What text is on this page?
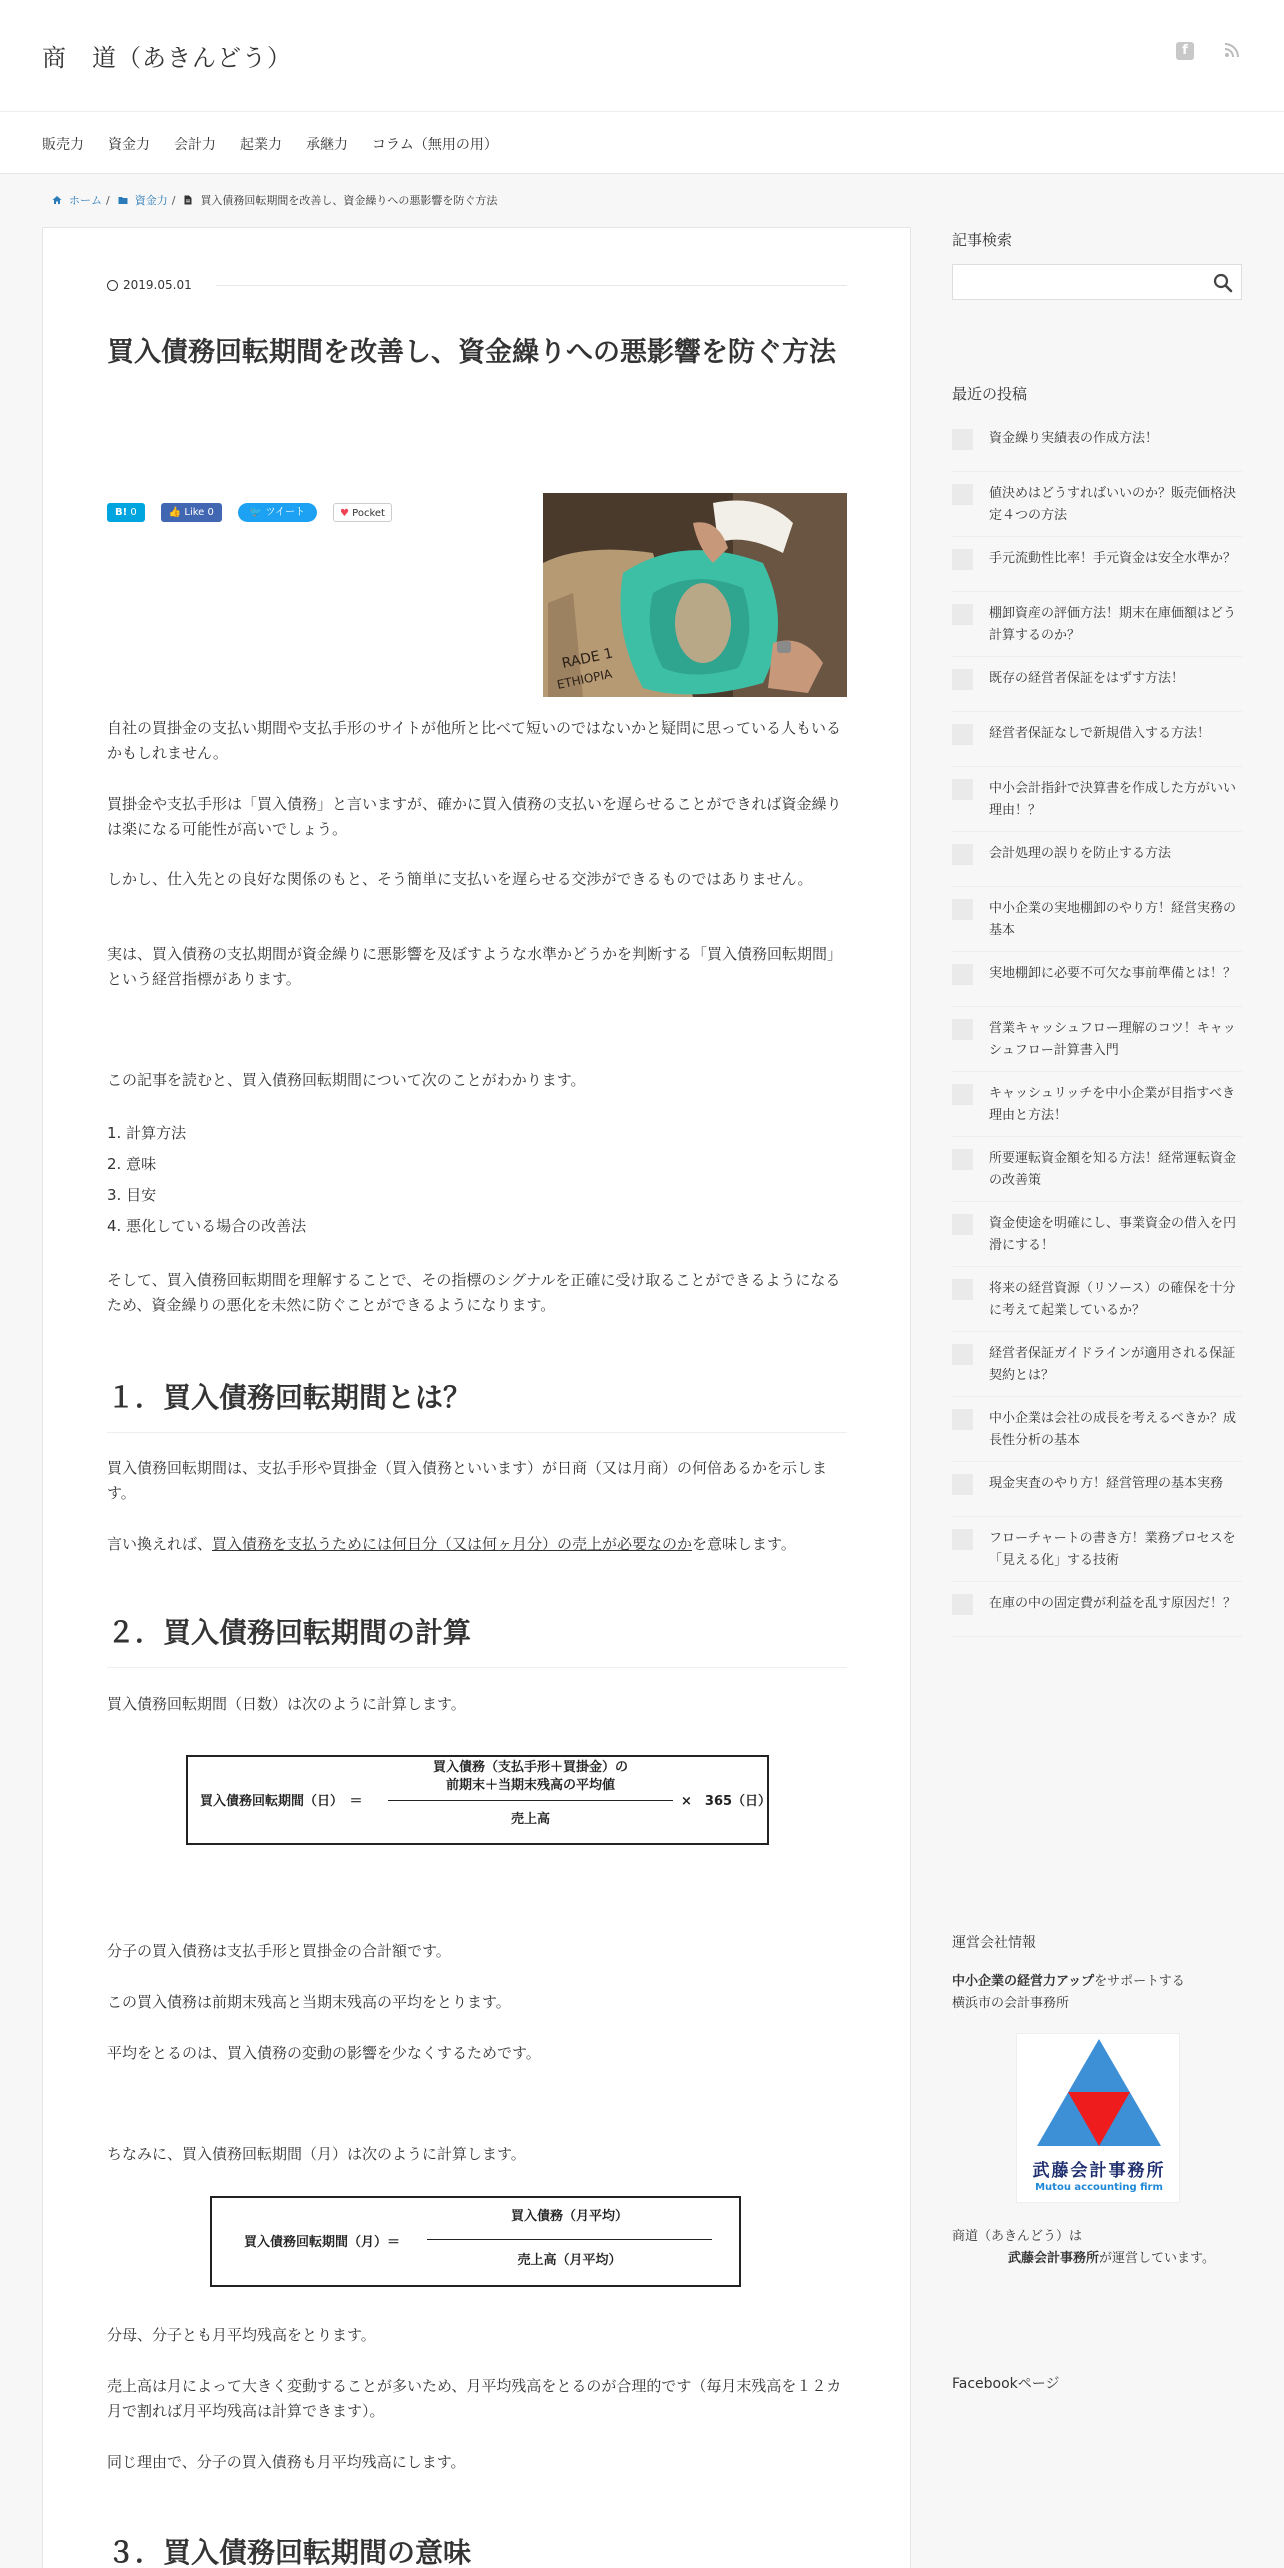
商　道（あきんどう）	f
販売力 資金力 会計力 起業力 承継力 コラム（無用の用）
ホーム / 資金力 / 買入債務回転期間を改善し、資金繰りへの悪影響を防ぐ方法
2019.05.01
買入債務回転期間を改善し、資金繰りへの悪影響を防ぐ方法
B! 0	👍 Like 0	🐦 ツイート	♥ Pocket
RADE 1
ETHIOPIA

自社の買掛金の支払い期間や支払手形のサイトが他所と比べて短いのではないかと疑問に思っている人もいるかもしれません。

買掛金や支払手形は「買入債務」と言いますが、確かに買入債務の支払いを遅らせることができれば資金繰りは楽になる可能性が高いでしょう。

しかし、仕入先との良好な関係のもと、そう簡単に支払いを遅らせる交渉ができるものではありません。

実は、買入債務の支払期間が資金繰りに悪影響を及ぼすような水準かどうかを判断する「買入債務回転期間」という経営指標があります。

この記事を読むと、買入債務回転期間について次のことがわかります。

1. 計算方法
2. 意味
3. 目安
4. 悪化している場合の改善法

そして、買入債務回転期間を理解することで、その指標のシグナルを正確に受け取ることができるようになるため、資金繰りの悪化を未然に防ぐことができるようになります。

１．買入債務回転期間とは？

買入債務回転期間は、支払手形や買掛金（買入債務といいます）が日商（又は月商）の何倍あるかを示します。

言い換えれば、買入債務を支払うためには何日分（又は何ヶ月分）の売上が必要なのかを意味します。

２．買入債務回転期間の計算

買入債務回転期間（日数）は次のように計算します。

買入債務回転期間（日）　＝
買入債務（支払手形＋買掛金）の
前期末＋当期末残高の平均値
売上高
×　365（日）

分子の買入債務は支払手形と買掛金の合計額です。

この買入債務は前期末残高と当期末残高の平均をとります。

平均をとるのは、買入債務の変動の影響を少なくするためです。

ちなみに、買入債務回転期間（月）は次のように計算します。

買入債務回転期間（月）＝
買入債務（月平均）
売上高（月平均）

分母、分子とも月平均残高をとります。

売上高は月によって大きく変動することが多いため、月平均残高をとるのが合理的です（毎月末残高を１２カ月で割れば月平均残高は計算できます）。

同じ理由で、分子の買入債務も月平均残高にします。

３．買入債務回転期間の意味
記事検索
最近の投稿
資金繰り実績表の作成方法！
値決めはどうすればいいのか？販売価格決定４つの方法
手元流動性比率！手元資金は安全水準か？
棚卸資産の評価方法！期末在庫価額はどう計算するのか？
既存の経営者保証をはずす方法！
経営者保証なしで新規借入する方法！
中小会計指針で決算書を作成した方がいい理由！？
会計処理の誤りを防止する方法
中小企業の実地棚卸のやり方！経営実務の基本
実地棚卸に必要不可欠な事前準備とは！？
営業キャッシュフロー理解のコツ！キャッシュフロー計算書入門
キャッシュリッチを中小企業が目指すべき理由と方法！
所要運転資金額を知る方法！経常運転資金の改善策
資金使途を明確にし、事業資金の借入を円滑にする！
将来の経営資源（リソース）の確保を十分に考えて起業しているか？
経営者保証ガイドラインが適用される保証契約とは？
中小企業は会社の成長を考えるべきか？成長性分析の基本
現金実査のやり方！経営管理の基本実務
フローチャートの書き方！業務プロセスを「見える化」する技術
在庫の中の固定費が利益を乱す原因だ！？
運営会社情報
中小企業の経営力アップをサポートする
横浜市の会計事務所
武藤会計事務所
Mutou accounting firm
商道（あきんどう）は
武藤会計事務所が運営しています。
Facebookページ
